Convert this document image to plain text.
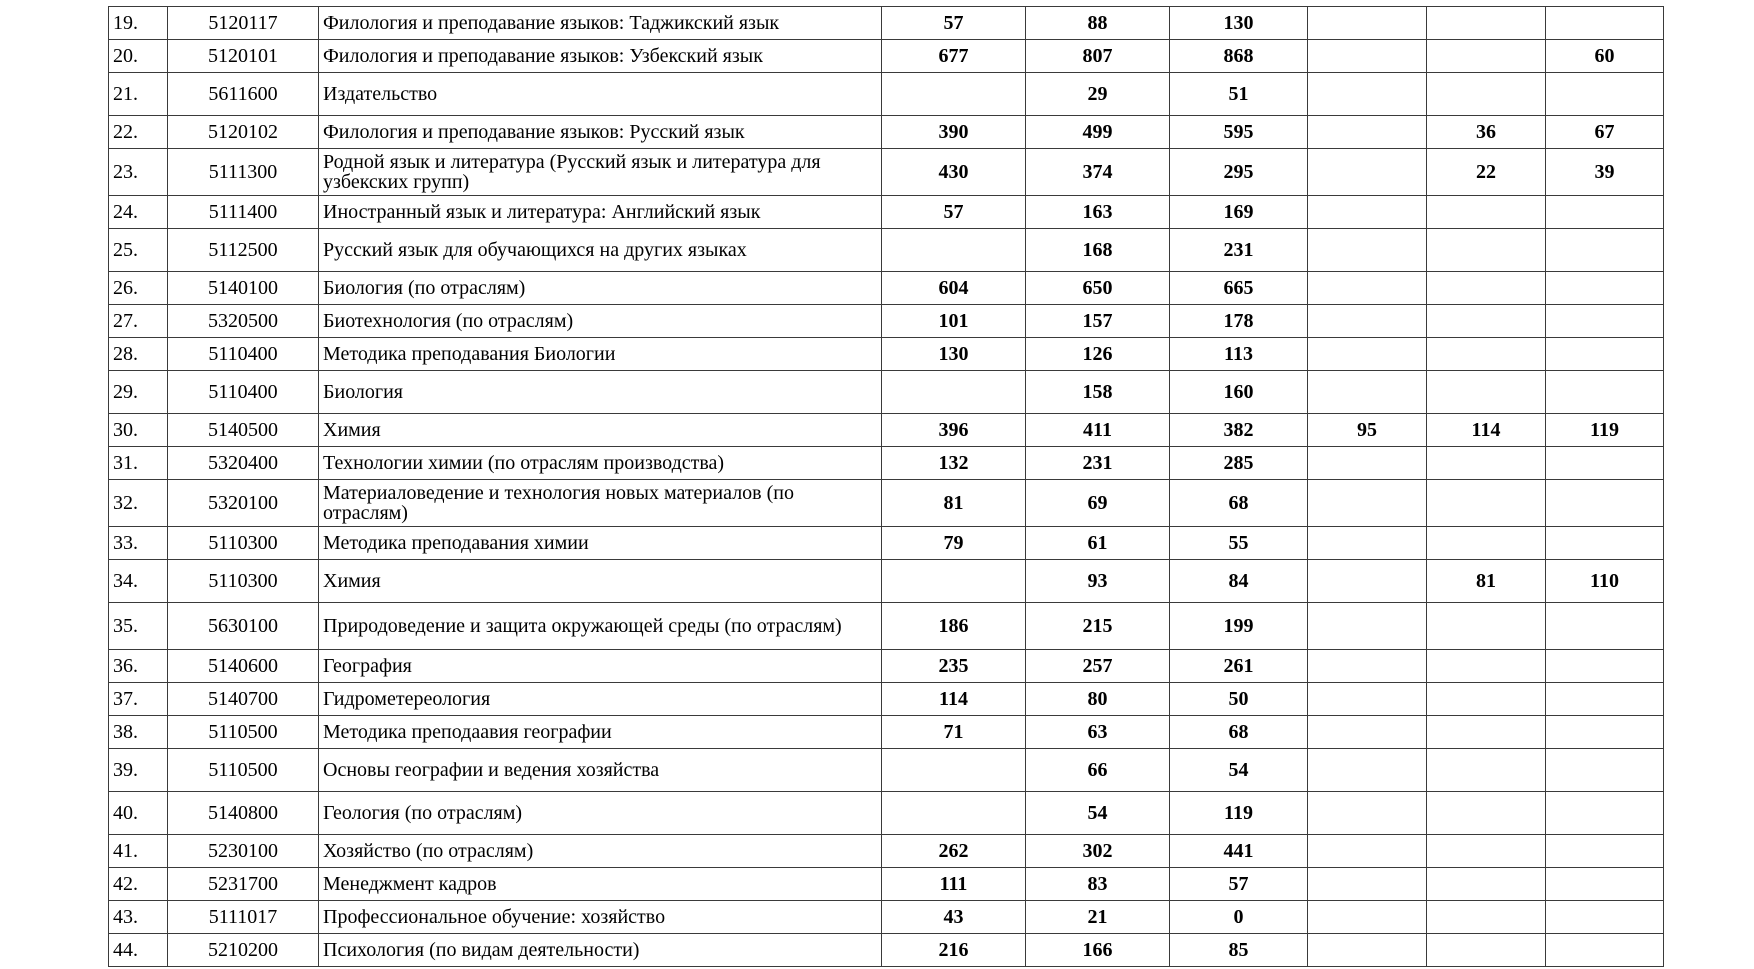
19.	5120117	Филология и преподавание языков: Таджикский язык	57	88	130			
20.	5120101	Филология и преподавание языков: Узбекский язык	677	807	868			60
21.	5611600	Издательство		29	51			
22.	5120102	Филология и преподавание языков: Русский язык	390	499	595		36	67
23.	5111300	Родной язык и литература (Русский язык и литература для узбекских групп)	430	374	295		22	39
24.	5111400	Иностранный язык и литература: Английский язык	57	163	169			
25.	5112500	Русский язык для обучающихся на других языках		168	231			
26.	5140100	Биология (по отраслям)	604	650	665			
27.	5320500	Биотехнология (по отраслям)	101	157	178			
28.	5110400	Методика преподавания Биологии	130	126	113			
29.	5110400	Биология		158	160			
30.	5140500	Химия	396	411	382	95	114	119
31.	5320400	Технологии химии (по отраслям производства)	132	231	285			
32.	5320100	Материаловедение и технология новых материалов (по отраслям)	81	69	68			
33.	5110300	Методика преподавания химии	79	61	55			
34.	5110300	Химия		93	84		81	110
35.	5630100	Природоведение и защита окружающей среды (по отраслям)	186	215	199			
36.	5140600	География	235	257	261			
37.	5140700	Гидрометереология	114	80	50			
38.	5110500	Методика преподаавия географии	71	63	68			
39.	5110500	Основы географии и ведения хозяйства		66	54			
40.	5140800	Геология (по отраслям)		54	119			
41.	5230100	Хозяйство (по отраслям)	262	302	441			
42.	5231700	Менеджмент кадров	111	83	57			
43.	5111017	Профессиональное обучение: хозяйство	43	21	0			
44.	5210200	Психология (по видам деятельности)	216	166	85			
